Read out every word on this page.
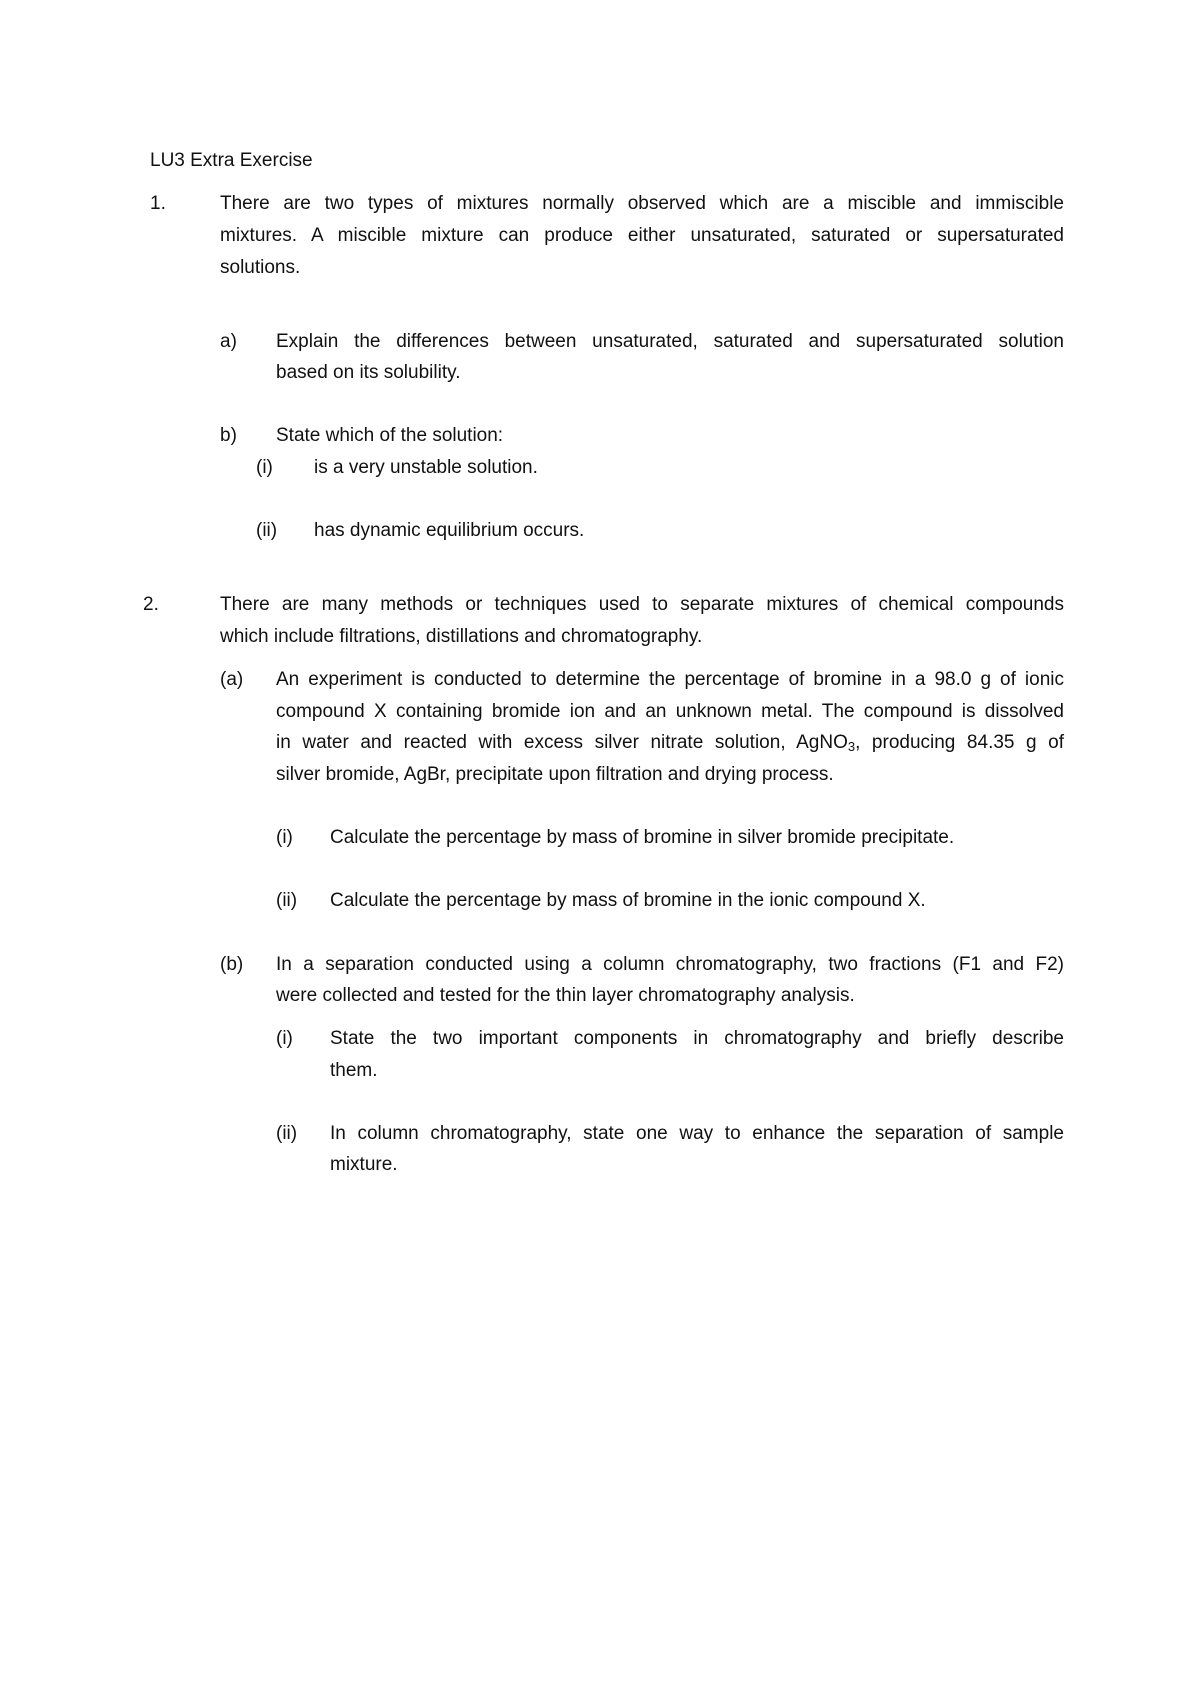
LU3 Extra Exercise
1.	There are two types of mixtures normally observed which are a miscible and immiscible
mixtures. A miscible mixture can produce either unsaturated, saturated or supersaturated
solutions.
a) Explain the differences between unsaturated, saturated and supersaturated solution
based on its solubility.
b) State which of the solution:
(i) is a very unstable solution.
(ii) has dynamic equilibrium occurs.
2.	There are many methods or techniques used to separate mixtures of chemical compounds
which include filtrations, distillations and chromatography.
(a) An experiment is conducted to determine the percentage of bromine in a 98.0 g of ionic
compound X containing bromide ion and an unknown metal. The compound is dissolved
in water and reacted with excess silver nitrate solution, AgNO$_3$, producing 84.35 g of
silver bromide, AgBr, precipitate upon filtration and drying process.
(i) Calculate the percentage by mass of bromine in silver bromide precipitate.
(ii) Calculate the percentage by mass of bromine in the ionic compound X.
(b) In a separation conducted using a column chromatography, two fractions (F1 and F2)
were collected and tested for the thin layer chromatography analysis.
(i) State the two important components in chromatography and briefly describe
them.
(ii) In column chromatography, state one way to enhance the separation of sample
mixture.
